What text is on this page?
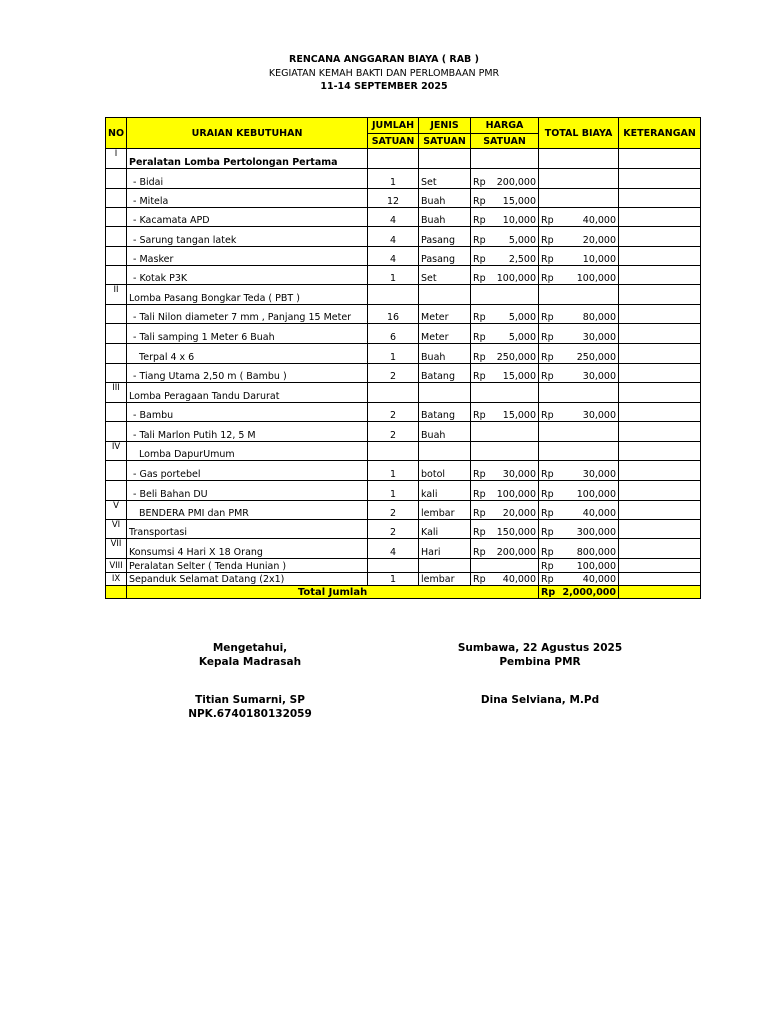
RENCANA ANGGARAN BIAYA ( RAB )
KEGIATAN KEMAH BAKTI DAN PERLOMBAAN PMR
11-14 SEPTEMBER 2025
NO	URAIAN KEBUTUHAN	JUMLAH	JENIS	HARGA	TOTAL BIAYA	KETERANGAN
		SATUAN	SATUAN	SATUAN		
I	Peralatan Lomba Pertolongan Pertama			

	- Bidai	1	Set	Rp 200,000		

	- Mitela	12	Buah	Rp 15,000		

	- Kacamata APD	4	Buah	Rp 10,000	Rp 40,000	

	- Sarung tangan latek	4	Pasang	Rp 5,000	Rp 20,000	

	- Masker	4	Pasang	Rp 2,500	Rp 10,000	

	- Kotak P3K	1	Set	Rp 100,000	Rp 100,000	

II	Lomba Pasang Bongkar Teda ( PBT )			

	- Tali Nilon diameter 7 mm , Panjang 15 Meter	16	Meter	Rp 5,000	Rp 80,000	

	- Tali samping 1 Meter 6 Buah	6	Meter	Rp 5,000	Rp 30,000	

	Terpal 4 x 6	1	Buah	Rp 250,000	Rp 250,000	

	- Tiang Utama 2,50 m ( Bambu )	2	Batang	Rp 15,000	Rp 30,000	

III	Lomba Peragaan Tandu Darurat			

	- Bambu	2	Batang	Rp 15,000	Rp 30,000	

	- Tali Marlon Putih 12, 5 M	2	Buah	

IV	Lomba DapurUmum			

	- Gas portebel	1	botol	Rp 30,000	Rp 30,000	

	- Beli Bahan DU	1	kali	Rp 100,000	Rp 100,000	

V	BENDERA PMI dan PMR	2	lembar	Rp 20,000	Rp 40,000	

VI	Transportasi	2	Kali	Rp 150,000	Rp 300,000	

VII	Konsumsi 4 Hari X 18 Orang	4	Hari	Rp 200,000	Rp 800,000	

VIII	Peralatan Selter ( Tenda Hunian )				Rp 100,000	

IX	Sepanduk Selamat Datang (2x1)	1	lembar	Rp 40,000	Rp 40,000	

	Total Jumlah				Rp 2,000,000	

Mengetahui,
Kepala Madrasah
Titian Sumarni, SP
NPK.6740180132059
Sumbawa, 22 Agustus 2025
Pembina PMR
Dina Selviana, M.Pd
